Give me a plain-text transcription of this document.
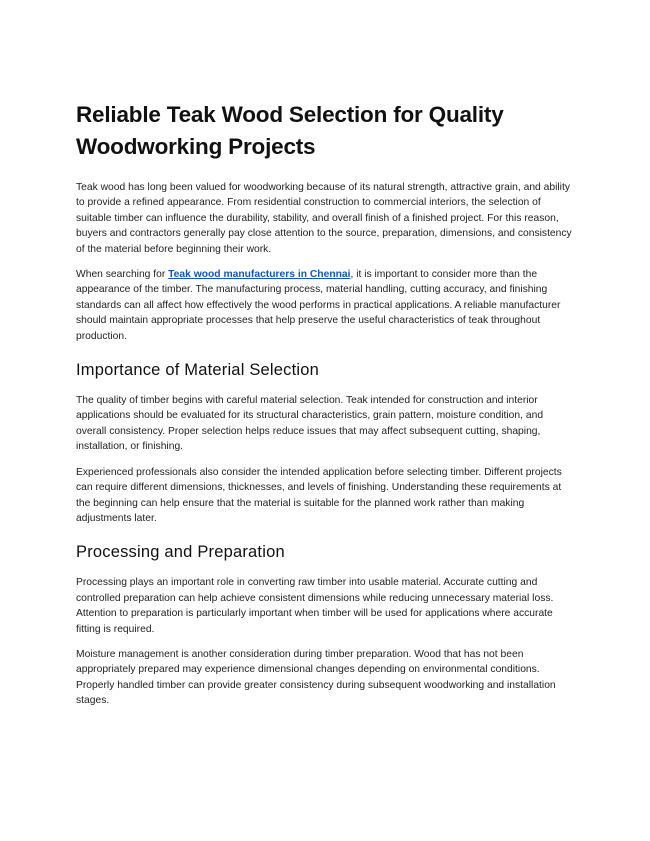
Reliable Teak Wood Selection for Quality Woodworking Projects

Teak wood has long been valued for woodworking because of its natural strength, attractive grain, and ability to provide a refined appearance. From residential construction to commercial interiors, the selection of suitable timber can influence the durability, stability, and overall finish of a finished project. For this reason, buyers and contractors generally pay close attention to the source, preparation, dimensions, and consistency of the material before beginning their work.

When searching for Teak wood manufacturers in Chennai, it is important to consider more than the appearance of the timber. The manufacturing process, material handling, cutting accuracy, and finishing standards can all affect how effectively the wood performs in practical applications. A reliable manufacturer should maintain appropriate processes that help preserve the useful characteristics of teak throughout production.

Importance of Material Selection

The quality of timber begins with careful material selection. Teak intended for construction and interior applications should be evaluated for its structural characteristics, grain pattern, moisture condition, and overall consistency. Proper selection helps reduce issues that may affect subsequent cutting, shaping, installation, or finishing.

Experienced professionals also consider the intended application before selecting timber. Different projects can require different dimensions, thicknesses, and levels of finishing. Understanding these requirements at the beginning can help ensure that the material is suitable for the planned work rather than making adjustments later.

Processing and Preparation

Processing plays an important role in converting raw timber into usable material. Accurate cutting and controlled preparation can help achieve consistent dimensions while reducing unnecessary material loss. Attention to preparation is particularly important when timber will be used for applications where accurate fitting is required.

Moisture management is another consideration during timber preparation. Wood that has not been appropriately prepared may experience dimensional changes depending on environmental conditions. Properly handled timber can provide greater consistency during subsequent woodworking and installation stages.
